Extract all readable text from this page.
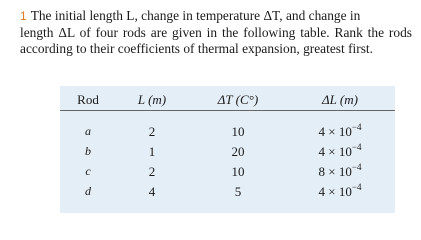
1 The initial length L, change in temperature ΔT, and change in
length ΔL of four rods are given in the following table. Rank the rods according to their coefficients of thermal expansion, greatest first.
Rod	L (m)	ΔT (C°)	ΔL (m)
a	2	10	$4 \times 10^{-4}$
b	1	20	$4 \times 10^{-4}$
c	2	10	$8 \times 10^{-4}$
d	4	5	$4 \times 10^{-4}$
